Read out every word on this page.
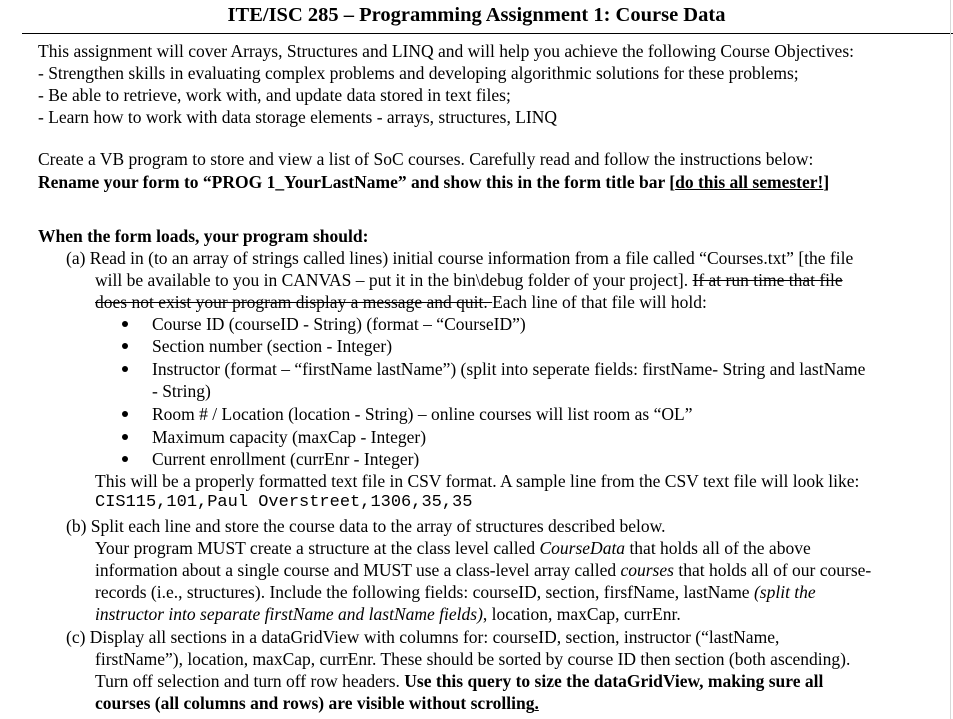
ITE/ISC 285 – Programming Assignment 1: Course Data
This assignment will cover Arrays, Structures and LINQ and will help you achieve the following Course Objectives:
- Strengthen skills in evaluating complex problems and developing algorithmic solutions for these problems;
- Be able to retrieve, work with, and update data stored in text files;
- Learn how to work with data storage elements - arrays, structures, LINQ
Create a VB program to store and view a list of SoC courses. Carefully read and follow the instructions below:
Rename your form to “PROG 1_YourLastName” and show this in the form title bar [do this all semester!]
When the form loads, your program should:
(a) Read in (to an array of strings called lines) initial course information from a file called “Courses.txt” [the file
will be available to you in CANVAS – put it in the bin\debug folder of your project]. If at run time that file
does not exist your program display a message and quit. Each line of that file will hold:
Course ID (courseID - String) (format – “CourseID”)
Section number (section - Integer)
Instructor (format – “firstName lastName”) (split into seperate fields: firstName- String and lastName
- String)
Room # / Location (location - String) – online courses will list room as “OL”
Maximum capacity (maxCap - Integer)
Current enrollment (currEnr - Integer)
This will be a properly formatted text file in CSV format. A sample line from the CSV text file will look like:
CIS115,101,Paul Overstreet,1306,35,35
(b) Split each line and store the course data to the array of structures described below.
Your program MUST create a structure at the class level called CourseData that holds all of the above
information about a single course and MUST use a class-level array called courses that holds all of our course-
records (i.e., structures). Include the following fields: courseID, section, firsfName, lastName (split the
instructor into separate firstName and lastName fields), location, maxCap, currEnr.
(c) Display all sections in a dataGridView with columns for: courseID, section, instructor (“lastName,
firstName”), location, maxCap, currEnr. These should be sorted by course ID then section (both ascending).
Turn off selection and turn off row headers. Use this query to size the dataGridView, making sure all
courses (all columns and rows) are visible without scrolling.
